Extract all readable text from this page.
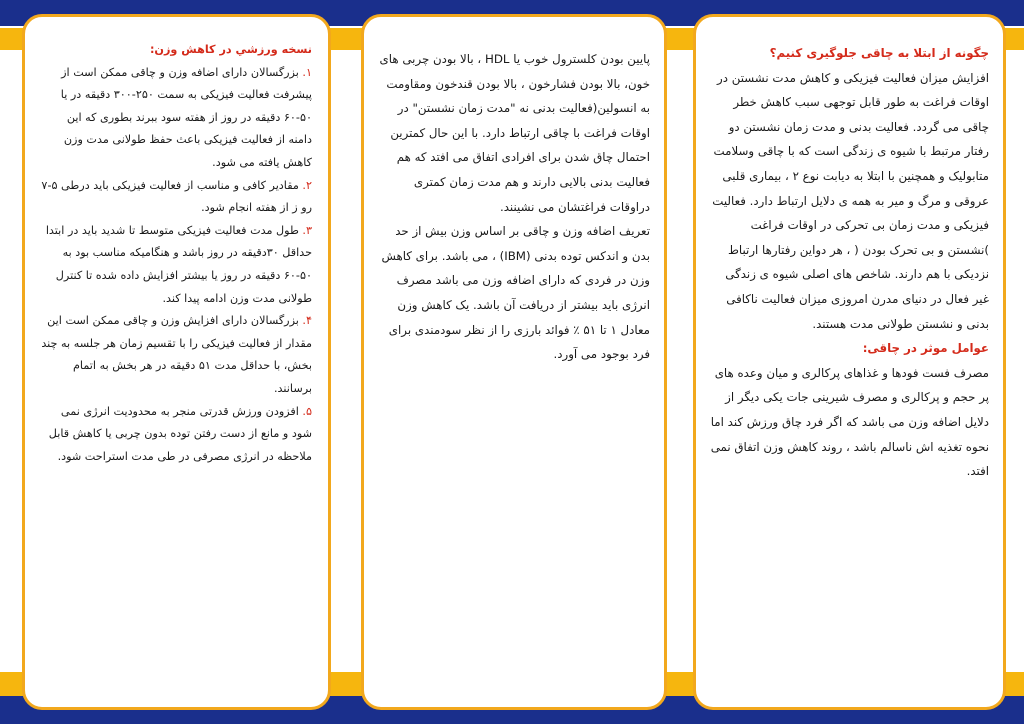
نسخه ورزشي در كاهش وزن:

۱. بزرگسالان داراى اضافه وزن و چاقى ممكن است از پيشرفت فعاليت فيزيكى به سمت ۲۵۰-۳۰۰ دقيقه در يا ۵۰-۶۰ دقيقه در روز از هفته سود ببرند بطورى كه اين دامنه از فعاليت فيزيكى باعث حفظ طولانى مدت وزن كاهش يافته مى شود.

۲. مقادير كافى و مناسب از فعاليت فيزيكى بايد درطى ۵-۷ رو ز از هفته انجام شود.

۳. طول مدت فعاليت فيزيكى متوسط تا شديد بايد در ابتدا حداقل ۳۰دقيقه در روز باشد و هنگاميكه مناسب بود به ۵۰-۶۰ دقيقه در روز يا بيشتر افزايش داده شده تا كنترل طولانى مدت وزن ادامه پيدا كند.

۴. بزرگسالان داراى افزايش وزن و چاقى ممكن است اين مقدار از فعاليت فيزيكى را با تقسيم زمان هر جلسه به چند بخش، با حداقل مدت ۵۱ دقيقه در هر بخش به اتمام برسانند.

۵. افزودن ورزش قدرتى منجر به محدوديت انرژى نمى شود و مانع از دست رفتن توده بدون چربى يا كاهش قابل ملاحظه در انرژى مصرفى در طى مدت استراحت شود.

پايين بودن كلسترول خوب يا HDL ، بالا بودن چربى هاى خون، بالا بودن فشارخون ، بالا بودن قندخون ومقاومت به انسولين(فعاليت بدنى نه "مدت زمان نشستن" در اوقات فراغت با چاقى ارتباط دارد. با اين حال كمترين احتمال چاق شدن براى افرادى اتفاق مى افتد كه هم فعاليت بدنى بالايى دارند و هم مدت زمان كمترى دراوقات فراغتشان مى نشينند.

تعريف اضافه وزن و چاقى بر اساس وزن بيش از حد بدن و اندكس توده بدنى (IBM) ، مى باشد. براى كاهش وزن در فردى كه داراى اضافه وزن مى باشد مصرف انرژى بايد بيشتر از دريافت آن باشد. يک كاهش وزن معادل ۱ تا ۵۱ ٪ فوائد بارزى را از نظر سودمندى براى فرد بوجود مى آورد.

چگونه از ابتلا به چاقى جلوگيرى كنيم؟

افزايش ميزان فعاليت فيزيكى و كاهش مدت نشستن در اوقات فراغت به طور قابل توجهى سبب كاهش خطر چاقى مى گردد. فعاليت بدنى و مدت زمان نشستن دو رفتار مرتبط با شيوه ى زندگى است كه با چاقى وسلامت متابوليک و همچنين با ابتلا به ديابت نوع ۲ ، بيمارى قلبى عروقى و مرگ و مير به همه ى دلايل ارتباط دارد. فعاليت فيزيكى و مدت زمان بى تحركى در اوقات فراغت )نشستن و بى تحرک بودن ( ، هر دواين رفتارها ارتباط نزديكى با هم دارند. شاخص هاى اصلى شيوه ى زندگى غير فعال در دنياى مدرن امروزى ميزان فعاليت ناكافى بدنى و نشستن طولانى مدت هستند.

عوامل موثر در چاقى:

مصرف فست فودها و غذاهاى پركالرى و ميان وعده هاى پر حجم و پركالرى و مصرف شيرينى جات يكى ديگر از دلايل اضافه وزن مى باشد كه اگر فرد چاق ورزش كند اما نحوه تغذيه اش ناسالم باشد ، روند كاهش وزن اتفاق نمى افتد.
